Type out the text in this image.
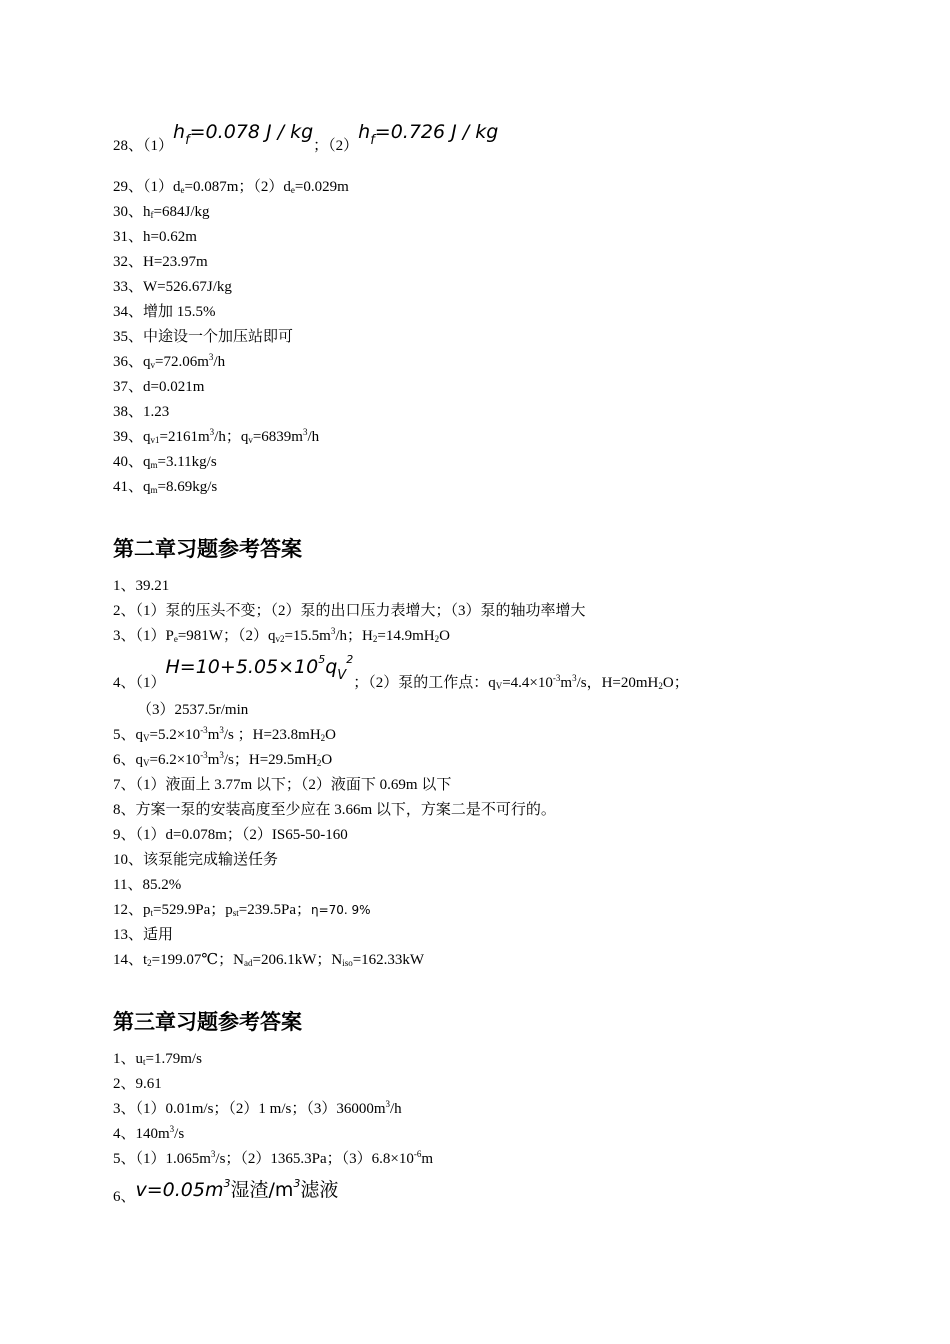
28、$(1)h_f=0.078$ J / kg；$(2)h_f=0.726$ J / kg
29、$(1)d_e=0.087m$；$(2)d_e=0.029m$
30、$h_f=684J/kg$
31、h=0.62m
32、H=23.97m
33、W=526.67J/kg
34、增加 15.5%
35、中途设一个加压站即可
36、$q_v=72.06m^3/h$
37、d=0.021m
38、1.23
39、$q_{v1}=2161m^3/h$；$q_v=6839m^3/h$
40、$q_m=3.11kg/s$
41、$q_m=8.69kg/s$
第二章习题参考答案
1、39.21
2、（1）泵的压头不变；（2）泵的出口压力表增大；（3）泵的轴功率增大
3、$(1)P_e=981W$；$(2)q_{v2}=15.5m^3/h$；$H_2=14.9mH_2O$
4、$(1)H=10+5.05\times 10^5q_V^2$；（2）泵的工作点：$q_V=4.4\times 10^{-3}m^3/s$，$H=20mH_2O$；
（3）2537.5r/min
5、$q_V=5.2\times 10^{-3}m^3/s$ ；$H=23.8mH_2O$
6、$q_V=6.2\times 10^{-3}m^3/s$；$H=29.5mH_2O$
7、（1）液面上 3.77m 以下；（2）液面下 0.69m 以下
8、方案一泵的安装高度至少应在 3.66m 以下，方案二是不可行的。
9、（1）d=0.078m；（2）IS65-50-160
10、该泵能完成输送任务
11、85.2%
12、$p_t=529.9Pa$；$p_{st}=239.5Pa$；η=70. 9%
13、适用
14、$t_2=199.07℃$；$N_{ad}=206.1kW$；$N_{iso}=162.33kW$
第三章习题参考答案
1、$u_t=1.79m/s$
2、9.61
3、（1）0.01m/s；（2）1 m/s；$(3)36000m^3/h$
4、$140m^3/s$
5、$(1)1.065m^3/s$；（2）1365.3Pa；$(3)6.8\times 10^{-6}m$
6、$v=0.05m^3$湿渣$/m^3$滤液
